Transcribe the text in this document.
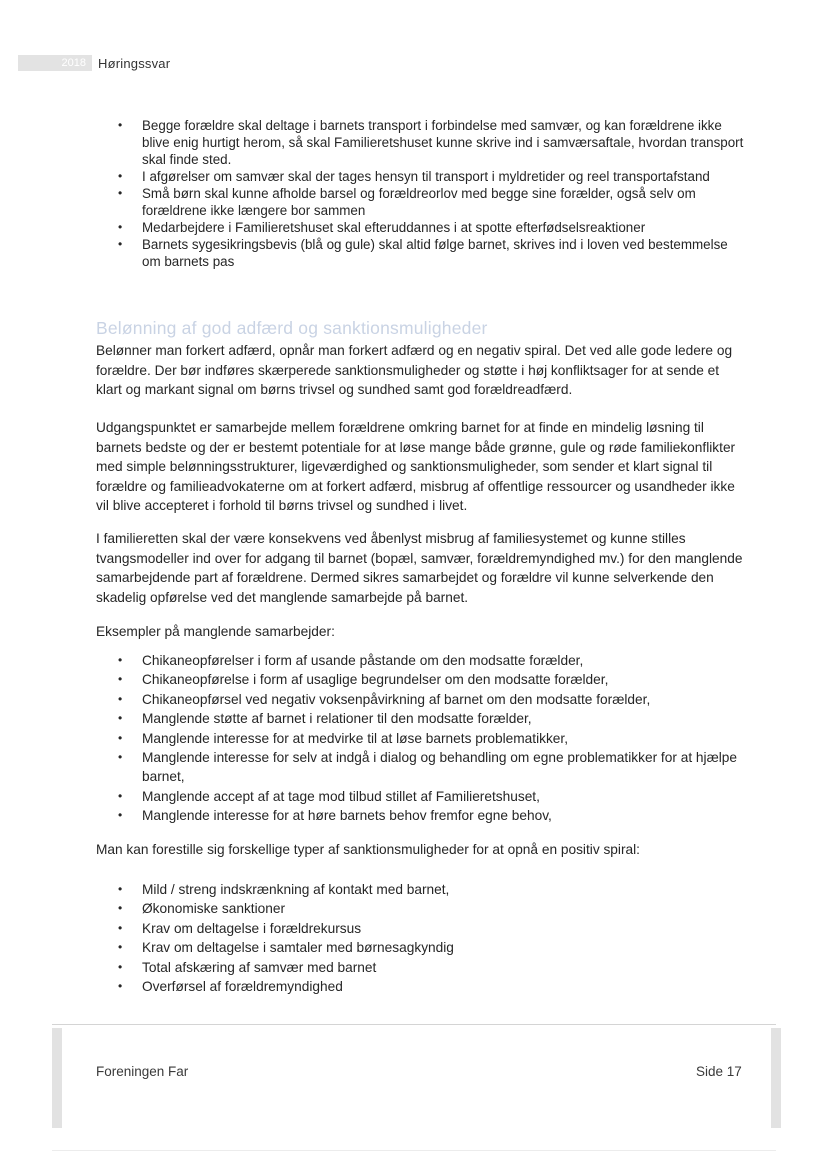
2018 Høringssvar
• Begge forældre skal deltage i barnets transport i forbindelse med samvær, og kan forældrene ikke blive enig hurtigt herom, så skal Familieretshuset kunne skrive ind i samværsaftale, hvordan transport skal finde sted.
• I afgørelser om samvær skal der tages hensyn til transport i myldretider og reel transportafstand
• Små børn skal kunne afholde barsel og forældreorlov med begge sine forælder, også selv om forældrene ikke længere bor sammen
• Medarbejdere i Familieretshuset skal efteruddannes i at spotte efterfødselsreaktioner
• Barnets sygesikringsbevis (blå og gule) skal altid følge barnet, skrives ind i loven ved bestemmelse om barnets pas
Belønning af god adfærd og sanktionsmuligheder

Belønner man forkert adfærd, opnår man forkert adfærd og en negativ spiral. Det ved alle gode ledere og forældre. Der bør indføres skærperede sanktionsmuligheder og støtte i høj konfliktsager for at sende et klart og markant signal om børns trivsel og sundhed samt god forældreadfærd.

Udgangspunktet er samarbejde mellem forældrene omkring barnet for at finde en mindelig løsning til barnets bedste og der er bestemt potentiale for at løse mange både grønne, gule og røde familiekonflikter med simple belønningsstrukturer, ligeværdighed og sanktionsmuligheder, som sender et klart signal til forældre og familieadvokaterne om at forkert adfærd, misbrug af offentlige ressourcer og usandheder ikke vil blive accepteret i forhold til børns trivsel og sundhed i livet.

I familieretten skal der være konsekvens ved åbenlyst misbrug af familiesystemet og kunne stilles tvangsmodeller ind over for adgang til barnet (bopæl, samvær, forældremyndighed mv.) for den manglende samarbejdende part af forældrene. Dermed sikres samarbejdet og forældre vil kunne selverkende den skadelig opførelse ved det manglende samarbejde på barnet.

Eksempler på manglende samarbejder:

• Chikaneopførelser i form af usande påstande om den modsatte forælder,
• Chikaneopførelse i form af usaglige begrundelser om den modsatte forælder,
• Chikaneopførsel ved negativ voksenpåvirkning af barnet om den modsatte forælder,
• Manglende støtte af barnet i relationer til den modsatte forælder,
• Manglende interesse for at medvirke til at løse barnets problematikker,
• Manglende interesse for selv at indgå i dialog og behandling om egne problematikker for at hjælpe barnet,
• Manglende accept af at tage mod tilbud stillet af Familieretshuset,
• Manglende interesse for at høre barnets behov fremfor egne behov,

Man kan forestille sig forskellige typer af sanktionsmuligheder for at opnå en positiv spiral:

• Mild / streng indskrænkning af kontakt med barnet,
• Økonomiske sanktioner
• Krav om deltagelse i forældrekursus
• Krav om deltagelse i samtaler med børnesagkyndig
• Total afskæring af samvær med barnet
• Overførsel af forældremyndighed
Foreningen Far	Side 17
